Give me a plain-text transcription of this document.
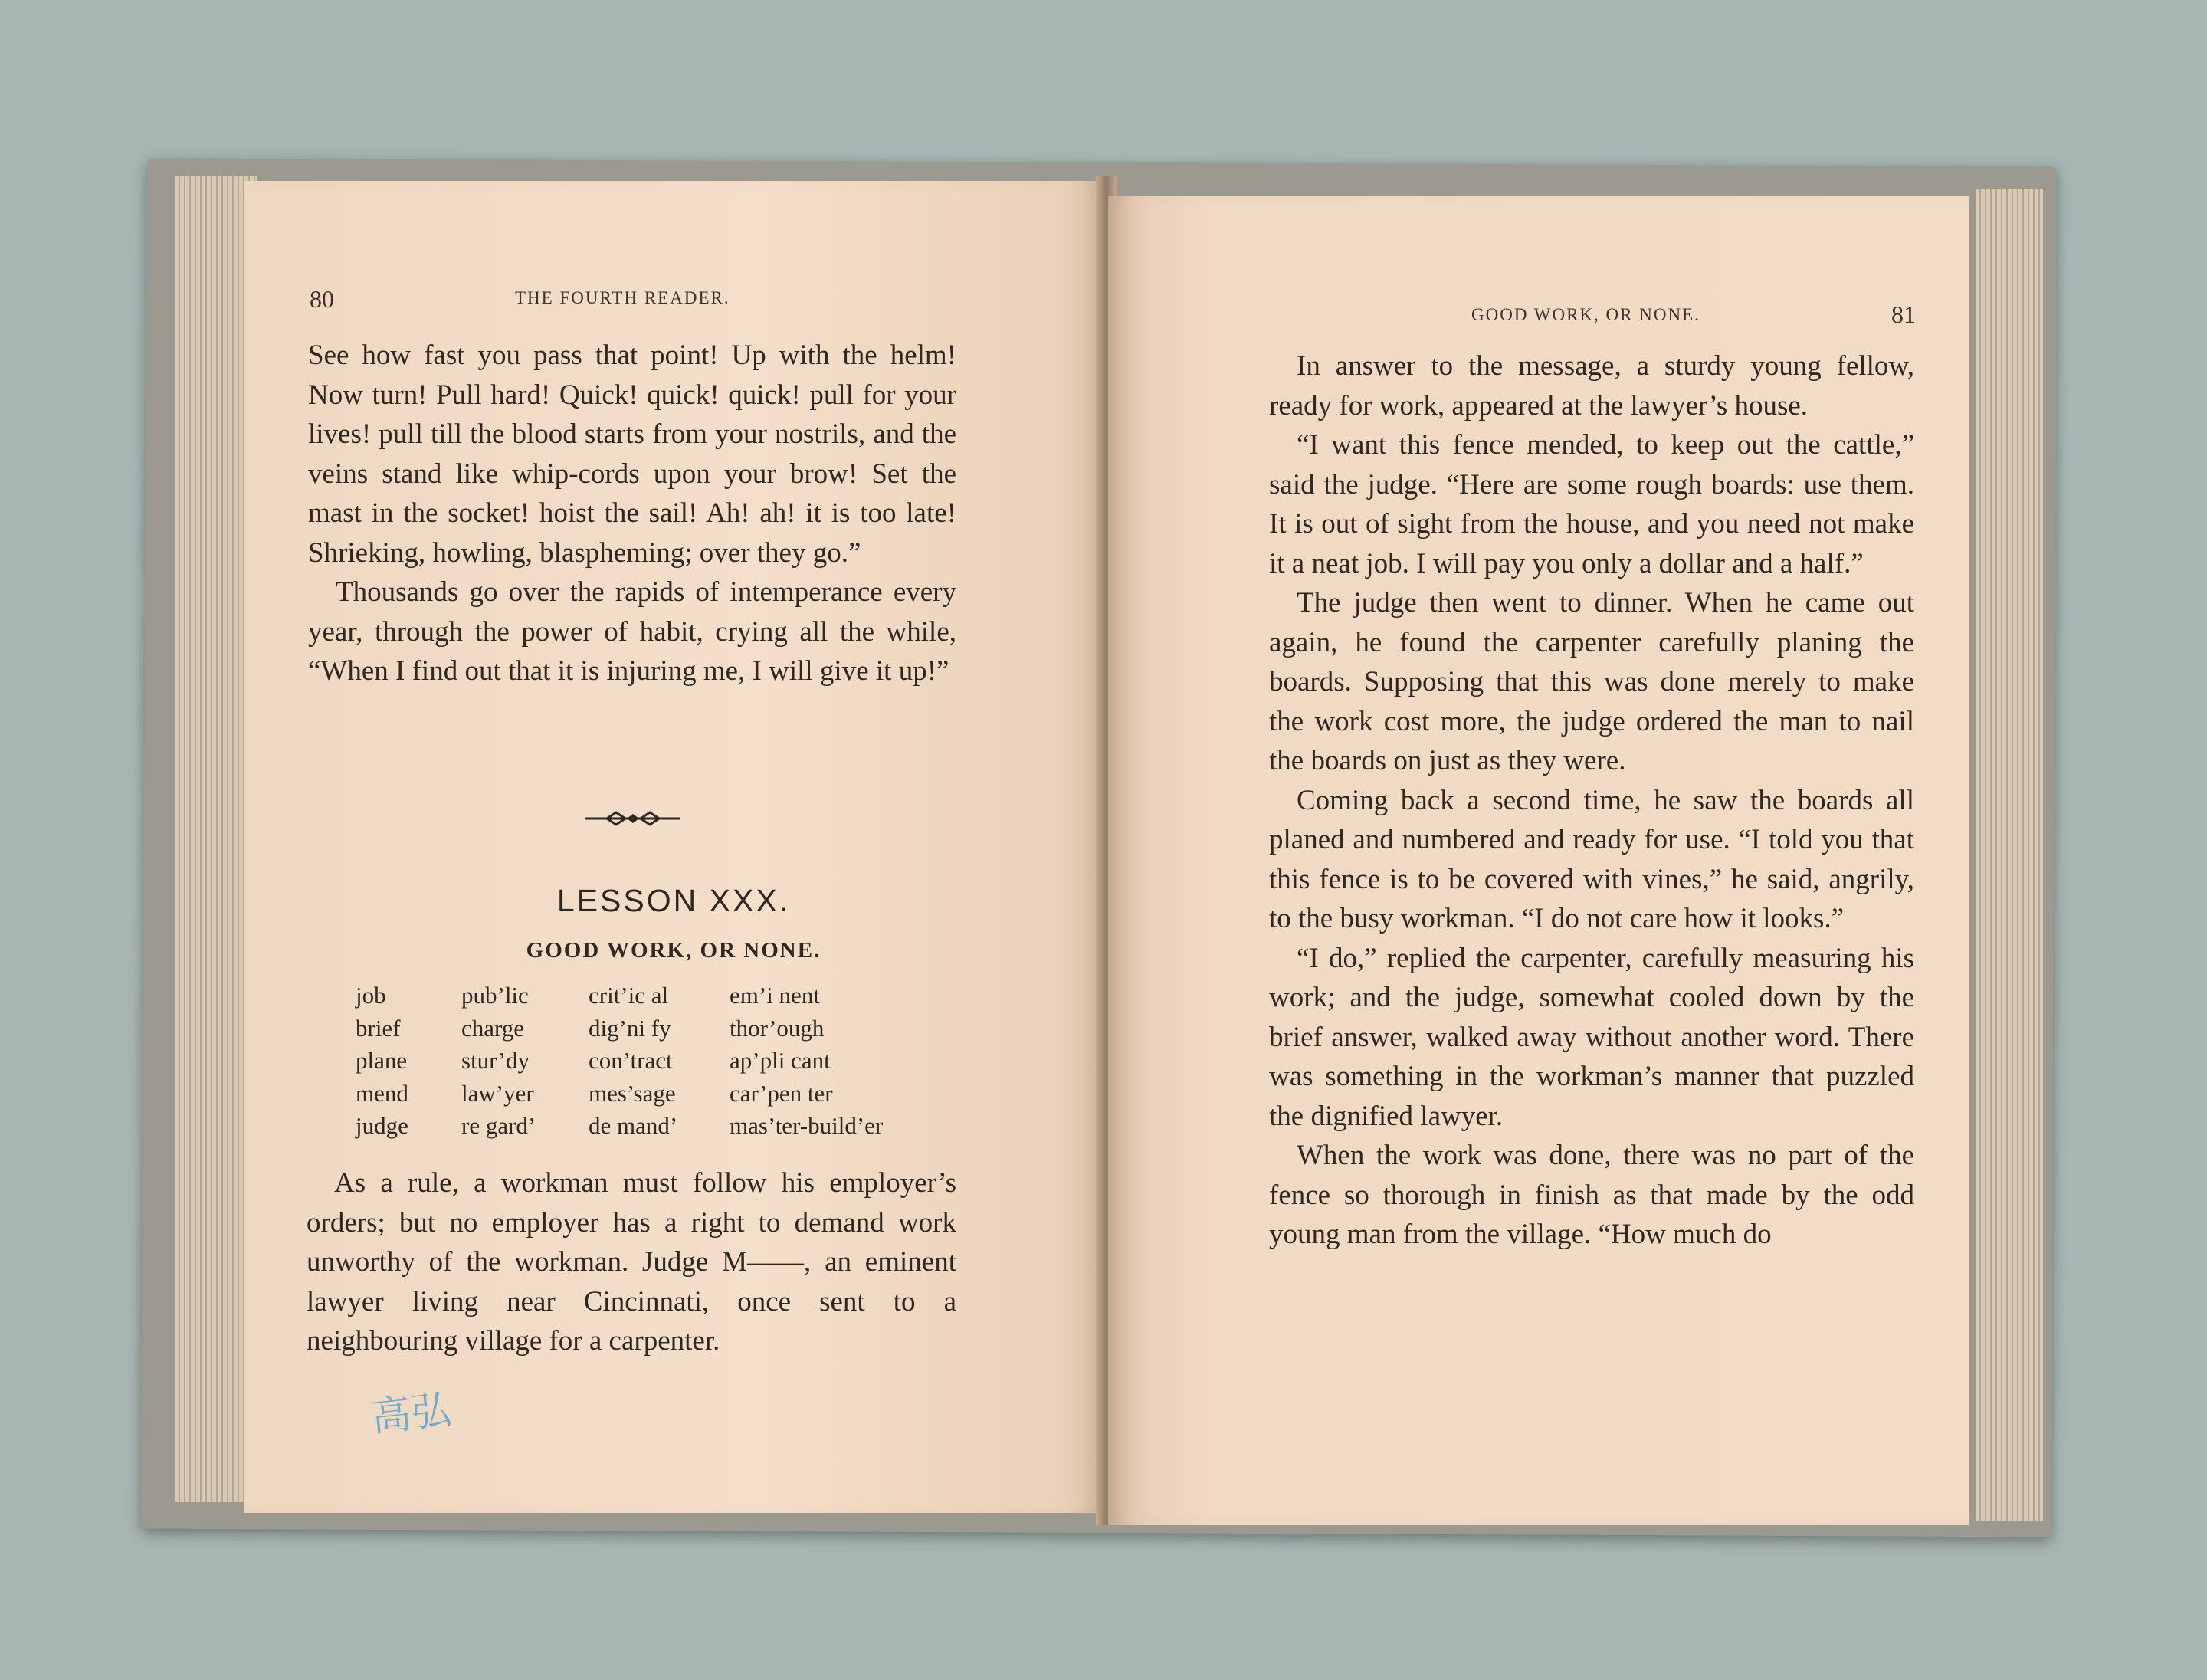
80	THE FOURTH READER.

See how fast you pass that point! Up with the helm! Now turn! Pull hard! Quick! quick! quick! pull for your lives! pull till the blood starts from your nostrils, and the veins stand like whip-cords upon your brow! Set the mast in the socket! hoist the sail! Ah! ah! it is too late! Shrieking, howling, blaspheming; over they go.”

Thousands go over the rapids of intemperance every year, through the power of habit, crying all the while, “When I find out that it is injuring me, I will give it up!”

LESSON XXX.
GOOD WORK, OR NONE.
job
brief
plane
mend
judge
pub’lic
charge
stur’dy
law’yer
re gard’
crit’ic al
dig’ni fy
con’tract
mes’sage
de mand’
em’i nent
thor’ough
ap’pli cant
car’pen ter
mas’ter-build’er

As a rule, a workman must follow his employer’s orders; but no employer has a right to demand work unworthy of the workman. Judge M——, an eminent lawyer living near Cincinnati, once sent to a neighbouring village for a carpenter.

高弘
GOOD WORK, OR NONE.	81

In answer to the message, a sturdy young fellow, ready for work, appeared at the lawyer’s house.

“I want this fence mended, to keep out the cattle,” said the judge. “Here are some rough boards: use them. It is out of sight from the house, and you need not make it a neat job. I will pay you only a dollar and a half.”

The judge then went to dinner. When he came out again, he found the carpenter carefully planing the boards. Supposing that this was done merely to make the work cost more, the judge ordered the man to nail the boards on just as they were.

Coming back a second time, he saw the boards all planed and numbered and ready for use. “I told you that this fence is to be covered with vines,” he said, angrily, to the busy workman. “I do not care how it looks.”

“I do,” replied the carpenter, carefully measuring his work; and the judge, somewhat cooled down by the brief answer, walked away without another word. There was something in the workman’s manner that puzzled the dignified lawyer.

When the work was done, there was no part of the fence so thorough in finish as that made by the odd young man from the village. “How much do
